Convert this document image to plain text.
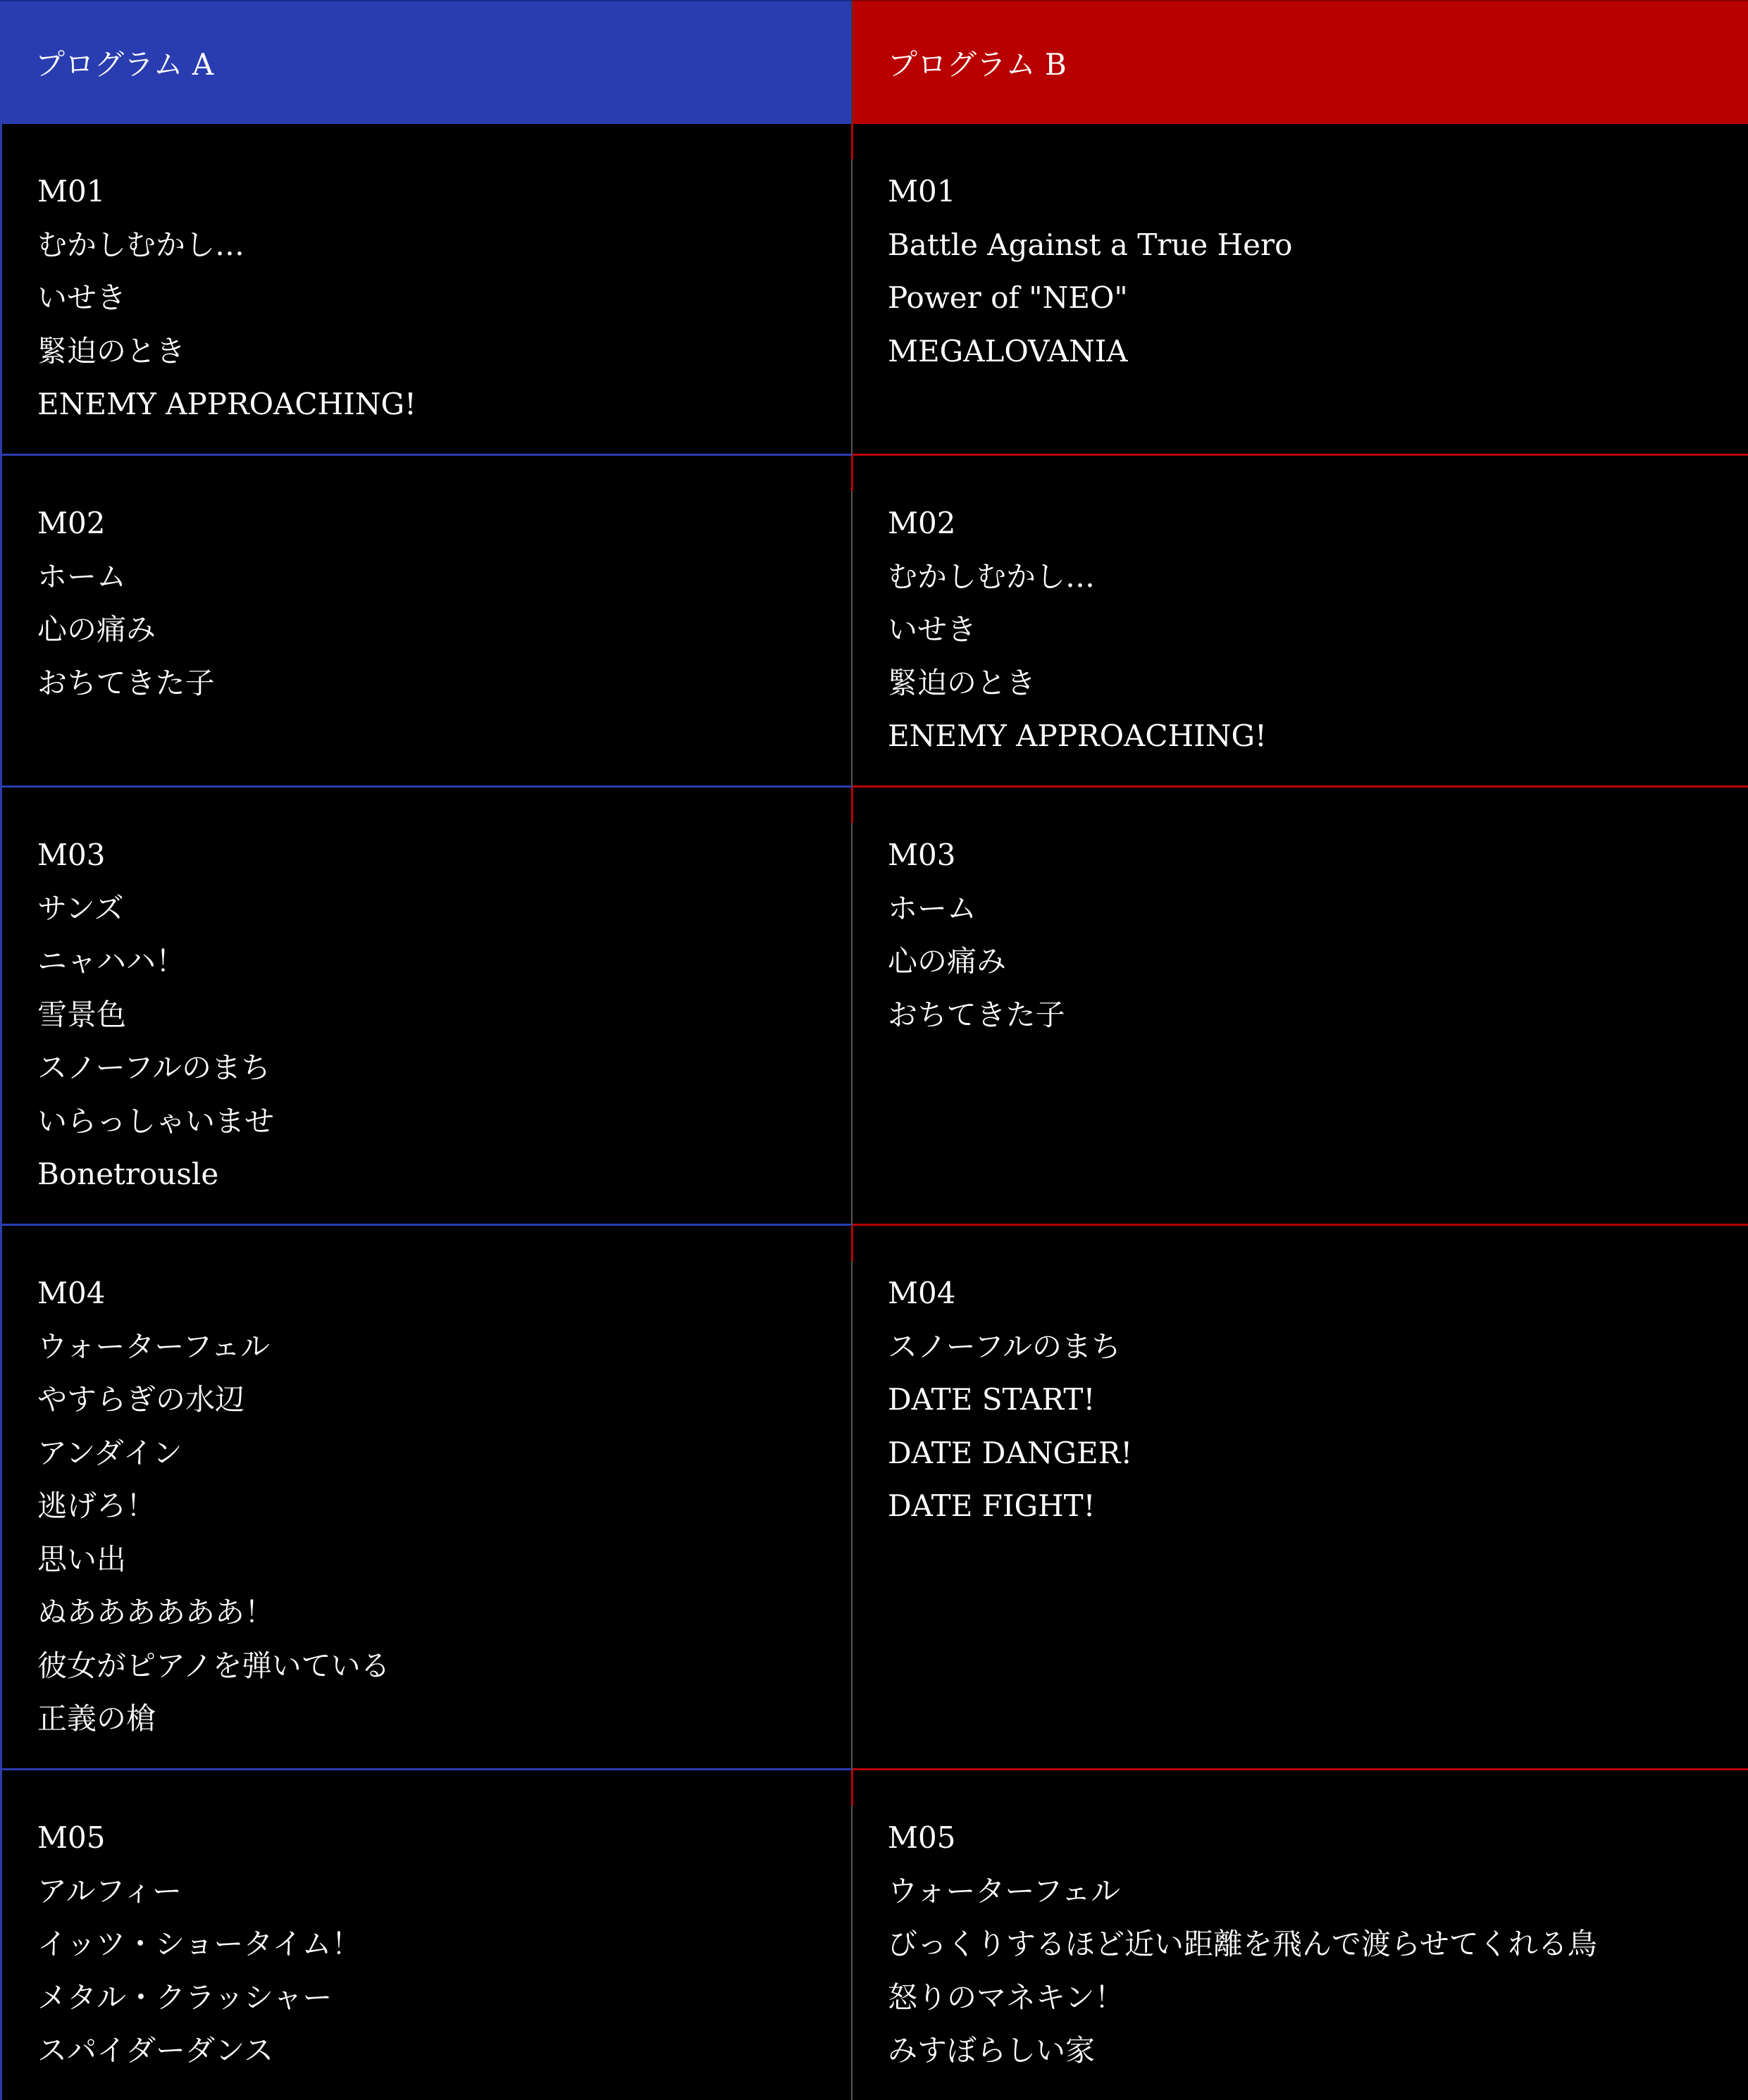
プログラム A	プログラム B
M01
むかしむかし…
いせき
緊迫のとき
ENEMY APPROACHING!
M01
Battle Against a True Hero
Power of "NEO"
MEGALOVANIA
M02
ホーム
心の痛み
おちてきた子
M02
むかしむかし…
いせき
緊迫のとき
ENEMY APPROACHING!
M03
サンズ
ニャハハ！
雪景色
スノーフルのまち
いらっしゃいませ
Bonetrousle
M03
ホーム
心の痛み
おちてきた子
M04
ウォーターフェル
やすらぎの水辺
アンダイン
逃げろ！
思い出
ぬああああああ！
彼女がピアノを弾いている
正義の槍
M04
スノーフルのまち
DATE START!
DATE DANGER!
DATE FIGHT!
M05
アルフィー
イッツ・ショータイム！
メタル・クラッシャー
スパイダーダンス
M05
ウォーターフェル
びっくりするほど近い距離を飛んで渡らせてくれる鳥
怒りのマネキン！
みすぼらしい家
